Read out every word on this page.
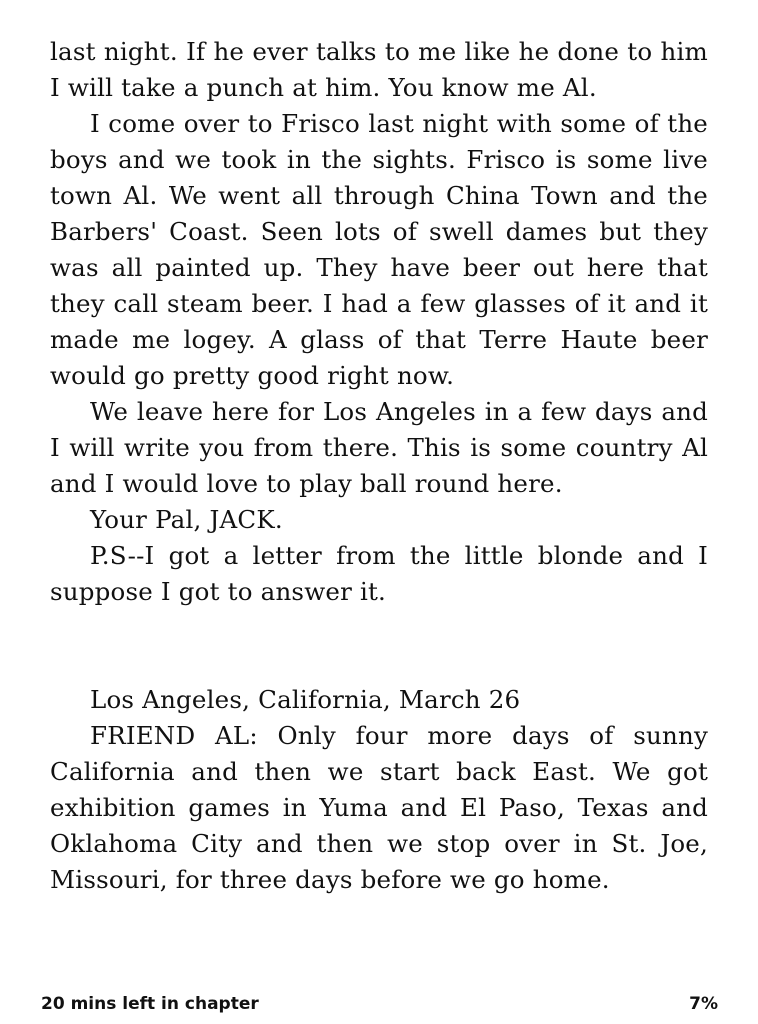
last night. If he ever talks to me like he done to him I will take a punch at him. You know me Al.

I come over to Frisco last night with some of the boys and we took in the sights. Frisco is some live town Al. We went all through China Town and the Barbers' Coast. Seen lots of swell dames but they was all painted up. They have beer out here that they call steam beer. I had a few glasses of it and it made me logey. A glass of that Terre Haute beer would go pretty good right now.

We leave here for Los Angeles in a few days and I will write you from there. This is some country Al and I would love to play ball round here.

Your Pal, JACK.

P.S--I got a letter from the little blonde and I suppose I got to answer it.

Los Angeles, California, March 26

FRIEND AL: Only four more days of sunny California and then we start back East. We got exhibition games in Yuma and El Paso, Texas and Oklahoma City and then we stop over in St. Joe, Missouri, for three days before we go home.

20 mins left in chapter	7%
